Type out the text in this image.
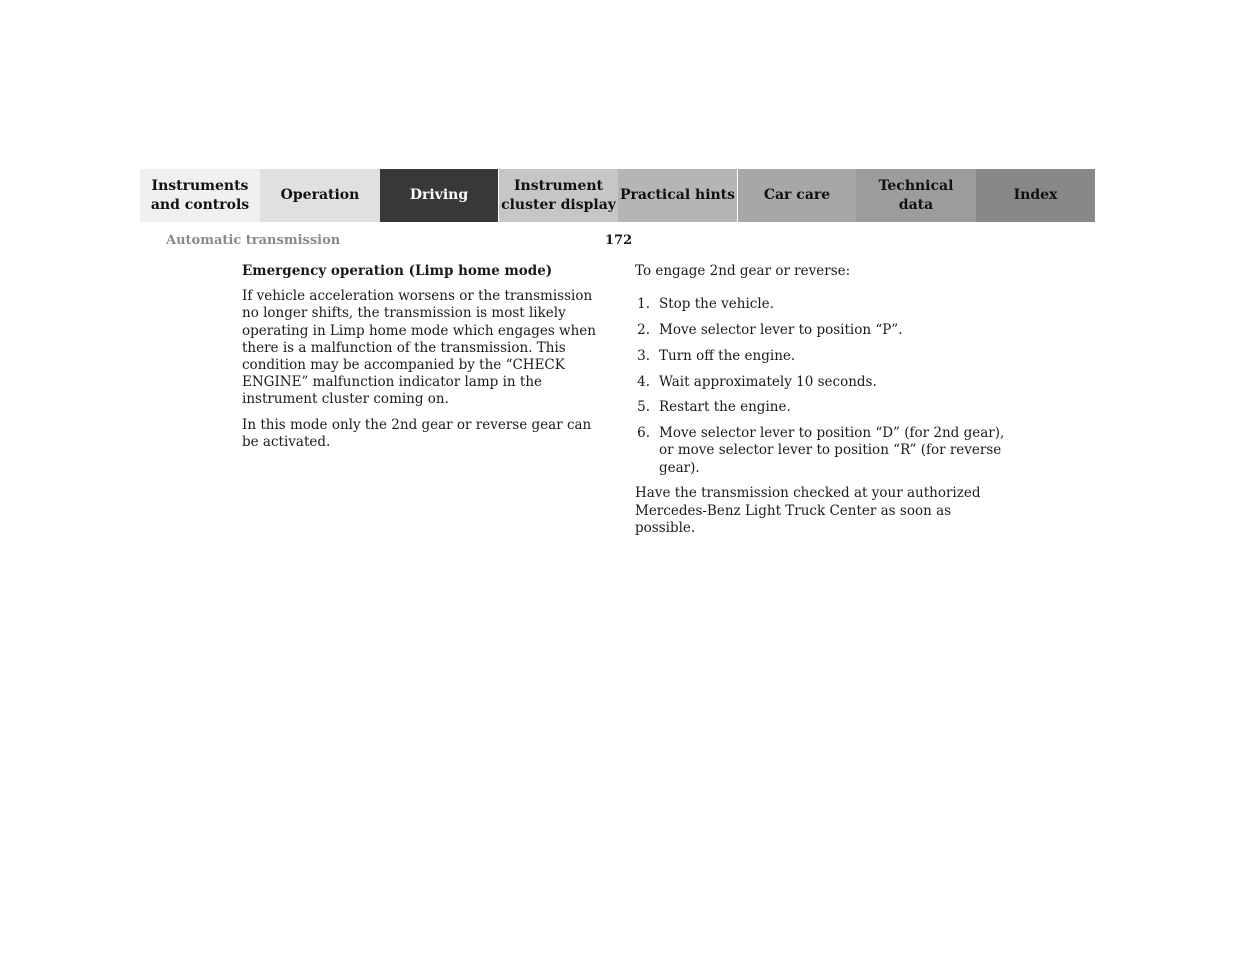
Instruments
and controls
Operation	Driving
Instrument
cluster display
Practical hints	Car care
Technical
data
Index
Automatic transmission	172

Emergency operation (Limp home mode)

If vehicle acceleration worsens or the transmission no longer shifts, the transmission is most likely operating in Limp home mode which engages when there is a malfunction of the transmission. This condition may be accompanied by the “CHECK ENGINE” malfunction indicator lamp in the instrument cluster coming on.

In this mode only the 2nd gear or reverse gear can be activated.

To engage 2nd gear or reverse:

1. Stop the vehicle.
2. Move selector lever to position “P”.
3. Turn off the engine.
4. Wait approximately 10 seconds.
5. Restart the engine.
6. Move selector lever to position “D” (for 2nd gear), or move selector lever to position “R” (for reverse gear).

Have the transmission checked at your authorized Mercedes-Benz Light Truck Center as soon as possible.
